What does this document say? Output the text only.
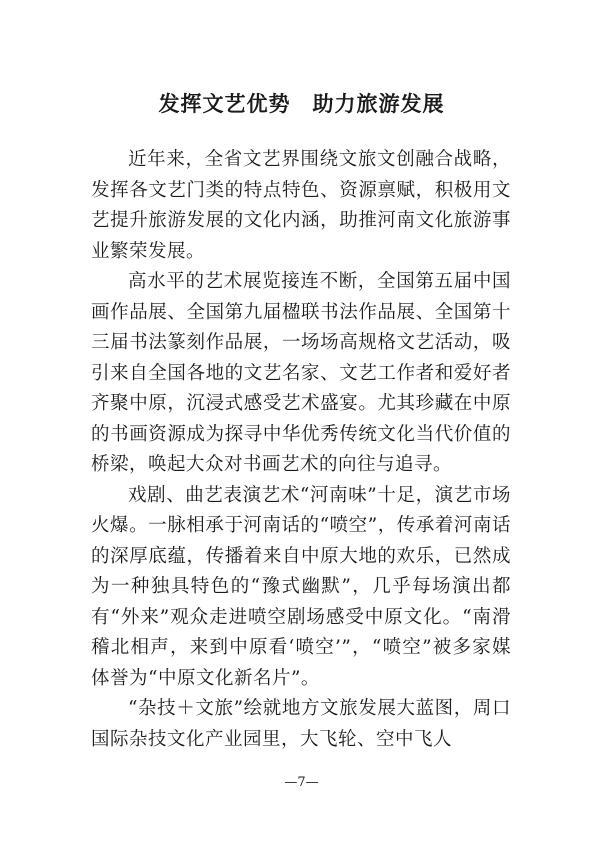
发挥文艺优势　助力旅游发展

近年来，全省文艺界围绕文旅文创融合战略，发挥各文艺门类的特点特色、资源禀赋，积极用文艺提升旅游发展的文化内涵，助推河南文化旅游事业繁荣发展。

高水平的艺术展览接连不断，全国第五届中国画作品展、全国第九届楹联书法作品展、全国第十三届书法篆刻作品展，一场场高规格文艺活动，吸引来自全国各地的文艺名家、文艺工作者和爱好者齐聚中原，沉浸式感受艺术盛宴。尤其珍藏在中原的书画资源成为探寻中华优秀传统文化当代价值的桥梁，唤起大众对书画艺术的向往与追寻。

戏剧、曲艺表演艺术“河南味”十足，演艺市场火爆。一脉相承于河南话的“喷空”，传承着河南话的深厚底蕴，传播着来自中原大地的欢乐，已然成为一种独具特色的“豫式幽默”，几乎每场演出都有“外来”观众走进喷空剧场感受中原文化。“南滑稽北相声，来到中原看‘喷空’”，“喷空”被多家媒体誉为“中原文化新名片”。

“杂技＋文旅”绘就地方文旅发展大蓝图，周口国际杂技文化产业园里，大飞轮、空中飞人

—7—
